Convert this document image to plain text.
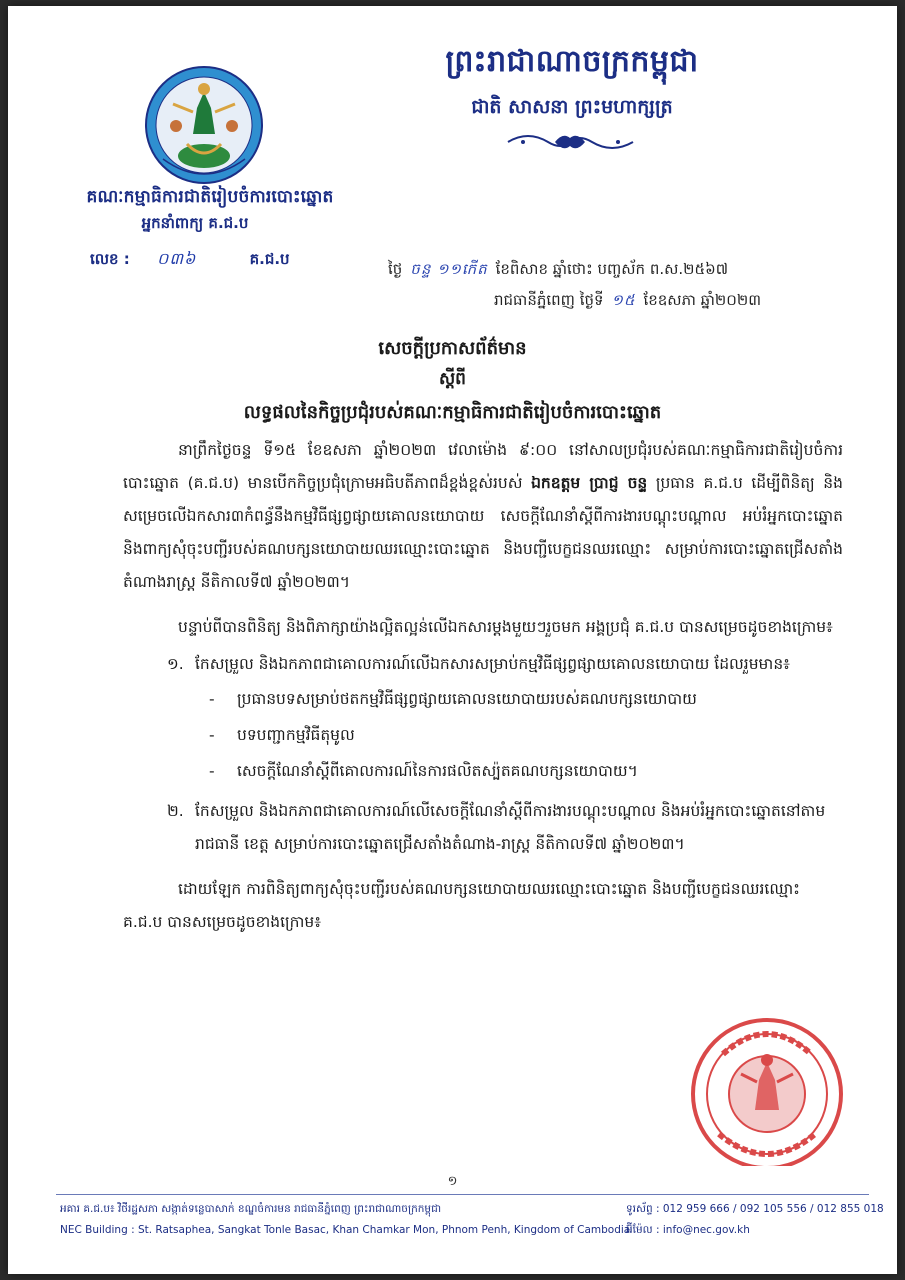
គណៈកម្មាធិការជាតិរៀបចំការបោះឆ្នោត
អ្នកនាំពាក្យ គ.ជ.ប
លេខ : ០៣៦	គ.ជ.ប
ព្រះរាជាណាចក្រកម្ពុជា
ជាតិ សាសនា ព្រះមហាក្សត្រ
ថ្ងៃ ចន្ទ ១១កើត ខែពិសាខ ឆ្នាំថោះ បញ្ចស័ក ព.ស.២៥៦៧
រាជធានីភ្នំពេញ ថ្ងៃទី ១៥ ខែឧសភា ឆ្នាំ២០២៣
សេចក្តីប្រកាសព័ត៌មាន
ស្តីពី
លទ្ធផលនៃកិច្ចប្រជុំរបស់គណៈកម្មាធិការជាតិរៀបចំការបោះឆ្នោត

នាព្រឹកថ្ងៃចន្ទ ទី១៥ ខែឧសភា ឆ្នាំ២០២៣ វេលាម៉ោង ៩:០០ នៅសាលប្រជុំរបស់គណៈកម្មាធិការជាតិរៀបចំការបោះឆ្នោត (គ.ជ.ប) មានបើកកិច្ចប្រជុំក្រោមអធិបតីភាពដ៏ខ្ពង់ខ្ពស់របស់ ឯកឧត្តម ប្រាជ្ញ ចន្ទ ប្រធាន គ.ជ.ប ដើម្បីពិនិត្យ និងសម្រេចលើឯកសារ៣កំពន្ធ័នឹងកម្មវិធីផ្សព្វផ្សាយគោលនយោបាយ សេចក្តីណែនាំស្តីពីការងារបណ្តុះបណ្តាល អប់រំអ្នកបោះឆ្នោត និងពាក្យសុំចុះបញ្ជីរបស់គណបក្សនយោបាយឈរឈ្មោះបោះឆ្នោត និងបញ្ជីបេក្ខជនឈរឈ្មោះ សម្រាប់ការបោះឆ្នោតជ្រើសតាំងតំណាងរាស្ត្រ នីតិកាលទី៧ ឆ្នាំ២០២៣។

បន្ទាប់ពីបានពិនិត្យ និងពិភាក្សាយ៉ាងល្អិតល្អន់លើឯកសារម្តងមួយៗរួចមក អង្គប្រជុំ គ.ជ.ប បានសម្រេចដូចខាងក្រោម៖

១. កែសម្រួល និងឯកភាពជាគោលការណ៍លើឯកសារសម្រាប់កម្មវិធីផ្សព្វផ្សាយគោលនយោបាយ ដែលរួមមាន៖

- ប្រធានបទសម្រាប់ថតកម្មវិធីផ្សព្វផ្សាយគោលនយោបាយរបស់គណបក្សនយោបាយ
- បទបញ្ជាកម្មវិធីតុមូល
- សេចក្តីណែនាំស្តីពីគោលការណ៍នៃការផលិតស្ប៉តគណបក្សនយោបាយ។

២. កែសម្រួល និងឯកភាពជាគោលការណ៍លើសេចក្តីណែនាំស្តីពីការងារបណ្តុះបណ្តាល និងអប់រំអ្នកបោះឆ្នោតនៅតាមរាជធានី ខេត្ត សម្រាប់ការបោះឆ្នោតជ្រើសតាំងតំណាង-រាស្ត្រ នីតិកាលទី៧ ឆ្នាំ២០២៣។

ដោយឡែក ការពិនិត្យពាក្យសុំចុះបញ្ជីរបស់គណបក្សនយោបាយឈរឈ្មោះបោះឆ្នោត និងបញ្ជីបេក្ខជនឈរឈ្មោះ គ.ជ.ប បានសម្រេចដូចខាងក្រោម៖

១
អគារ គ.ជ.ប៖ វិថីរដ្ឋសភា សង្កាត់ទន្លេបាសាក់ ខណ្ឌចំការមន រាជធានីភ្នំពេញ ព្រះរាជាណាចក្រកម្ពុជា
NEC Building : St. Ratsaphea, Sangkat Tonle Basac, Khan Chamkar Mon, Phnom Penh, Kingdom of Cambodia
ទូរស័ព្ទ : 012 959 666 / 092 105 556 / 012 855 018
អ៊ីម៉ែល : info@nec.gov.kh
